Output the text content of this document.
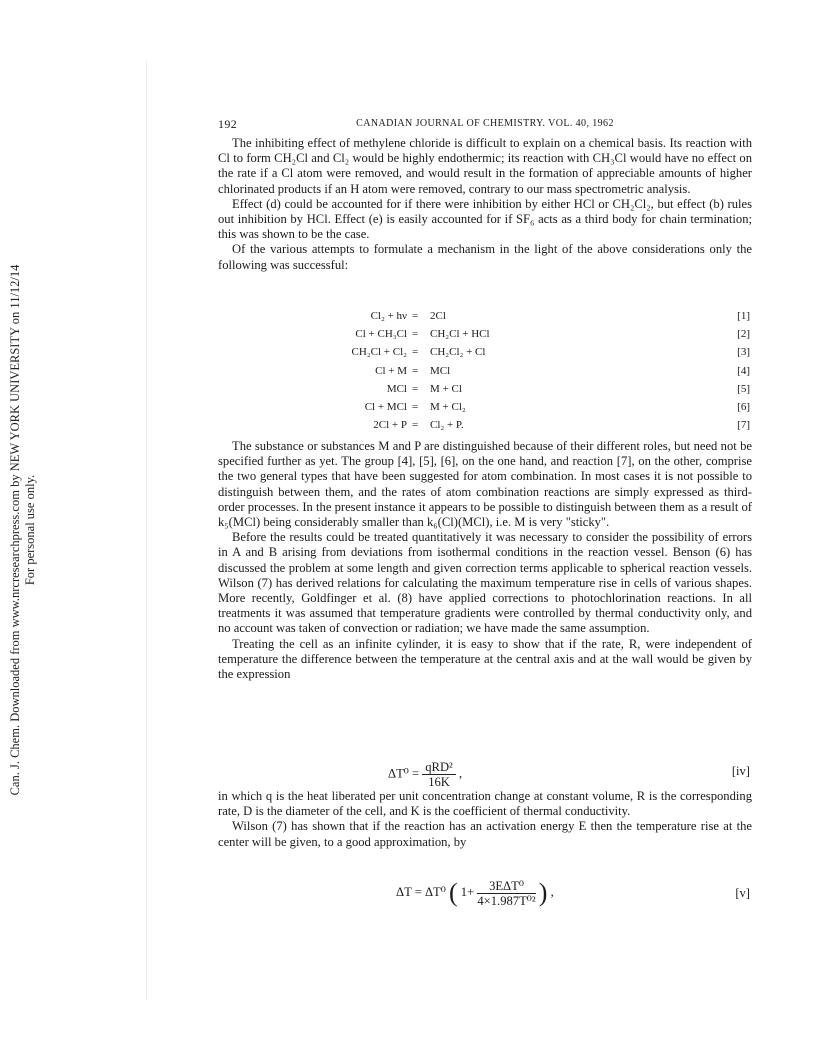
Can. J. Chem. Downloaded from www.nrcresearchpress.com by NEW YORK UNIVERSITY on 11/12/14 For personal use only.
192	CANADIAN JOURNAL OF CHEMISTRY. VOL. 40, 1962

The inhibiting effect of methylene chloride is difficult to explain on a chemical basis. Its reaction with Cl to form CH₂Cl and Cl₂ would be highly endothermic; its reaction with CH₃Cl would have no effect on the rate if a Cl atom were removed, and would result in the formation of appreciable amounts of higher chlorinated products if an H atom were removed, contrary to our mass spectrometric analysis.

Effect (d) could be accounted for if there were inhibition by either HCl or CH₂Cl₂, but effect (b) rules out inhibition by HCl. Effect (e) is easily accounted for if SF₆ acts as a third body for chain termination; this was shown to be the case.

Of the various attempts to formulate a mechanism in the light of the above considerations only the following was successful:

Cl₂ + hν = 2Cl	[1]
Cl + CH₃Cl = CH₂Cl + HCl	[2]
CH₂Cl + Cl₂ = CH₂Cl₂ + Cl	[3]
Cl + M = MCl	[4]
MCl = M + Cl	[5]
Cl + MCl = M + Cl₂	[6]
2Cl + P = Cl₂ + P.	[7]

The substance or substances M and P are distinguished because of their different roles, but need not be specified further as yet. The group [4], [5], [6], on the one hand, and reaction [7], on the other, comprise the two general types that have been suggested for atom combination. In most cases it is not possible to distinguish between them, and the rates of atom combination reactions are simply expressed as third-order processes. In the present instance it appears to be possible to distinguish between them as a result of k₅(MCl) being considerably smaller than k₆(Cl)(MCl), i.e. M is very "sticky".

Before the results could be treated quantitatively it was necessary to consider the possibility of errors in A and B arising from deviations from isothermal conditions in the reaction vessel. Benson (6) has discussed the problem at some length and given correction terms applicable to spherical reaction vessels. Wilson (7) has derived relations for calculating the maximum temperature rise in cells of various shapes. More recently, Goldfinger et al. (8) have applied corrections to photochlorination reactions. In all treatments it was assumed that temperature gradients were controlled by thermal conductivity only, and no account was taken of convection or radiation; we have made the same assumption.

Treating the cell as an infinite cylinder, it is easy to show that if the rate, R, were independent of temperature the difference between the temperature at the central axis and at the wall would be given by the expression

$\Delta T^0 = \frac{\text{qRD²}}{16K}$ ,	[iv]

in which q is the heat liberated per unit concentration change at constant volume, R is the corresponding rate, D is the diameter of the cell, and K is the coefficient of thermal conductivity.

Wilson (7) has shown that if the reaction has an activation energy E then the temperature rise at the center will be given, to a good approximation, by

ΔT = ΔT⁰ ( $1+ \frac{\text{3EΔT⁰}}{\text{4×1.987T⁰²}}$ ) ,	[v]
